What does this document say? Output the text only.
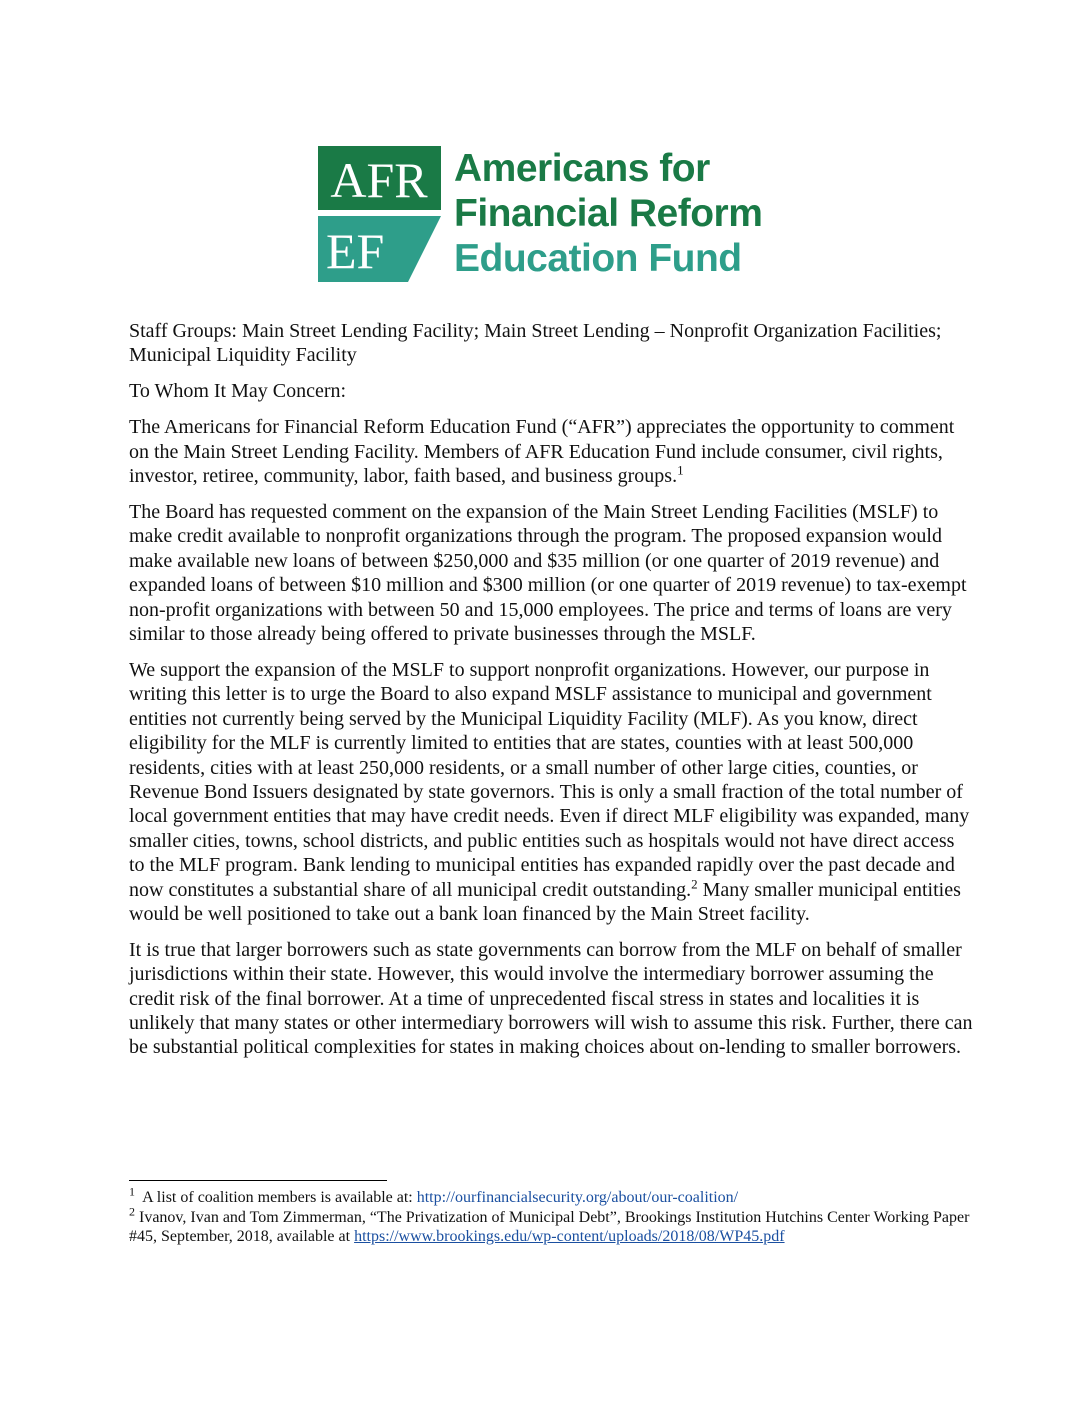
AFR
EF
Americans for
Financial Reform
Education Fund

Staff Groups: Main Street Lending Facility; Main Street Lending – Nonprofit Organization Facilities; Municipal Liquidity Facility

To Whom It May Concern:

The Americans for Financial Reform Education Fund (“AFR”) appreciates the opportunity to comment on the Main Street Lending Facility. Members of AFR Education Fund include consumer, civil rights, investor, retiree, community, labor, faith based, and business groups.$^1$

The Board has requested comment on the expansion of the Main Street Lending Facilities (MSLF) to make credit available to nonprofit organizations through the program. The proposed expansion would make available new loans of between $250,000 and $35 million (or one quarter of 2019 revenue) and expanded loans of between $10 million and $300 million (or one quarter of 2019 revenue) to tax-exempt non-profit organizations with between 50 and 15,000 employees. The price and terms of loans are very similar to those already being offered to private businesses through the MSLF.

We support the expansion of the MSLF to support nonprofit organizations. However, our purpose in writing this letter is to urge the Board to also expand MSLF assistance to municipal and government entities not currently being served by the Municipal Liquidity Facility (MLF). As you know, direct eligibility for the MLF is currently limited to entities that are states, counties with at least 500,000 residents, cities with at least 250,000 residents, or a small number of other large cities, counties, or Revenue Bond Issuers designated by state governors. This is only a small fraction of the total number of local government entities that may have credit needs. Even if direct MLF eligibility was expanded, many smaller cities, towns, school districts, and public entities such as hospitals would not have direct access to the MLF program. Bank lending to municipal entities has expanded rapidly over the past decade and now constitutes a substantial share of all municipal credit outstanding.$^2$ Many smaller municipal entities would be well positioned to take out a bank loan financed by the Main Street facility.

It is true that larger borrowers such as state governments can borrow from the MLF on behalf of smaller jurisdictions within their state. However, this would involve the intermediary borrower assuming the credit risk of the final borrower. At a time of unprecedented fiscal stress in states and localities it is unlikely that many states or other intermediary borrowers will wish to assume this risk. Further, there can be substantial political complexities for states in making choices about on-lending to smaller borrowers.

$^1$ A list of coalition members is available at: http://ourfinancialsecurity.org/about/our-coalition/

$^2$ Ivanov, Ivan and Tom Zimmerman, “The Privatization of Municipal Debt”, Brookings Institution Hutchins Center Working Paper #45, September, 2018, available at https://www.brookings.edu/wp-content/uploads/2018/08/WP45.pdf
